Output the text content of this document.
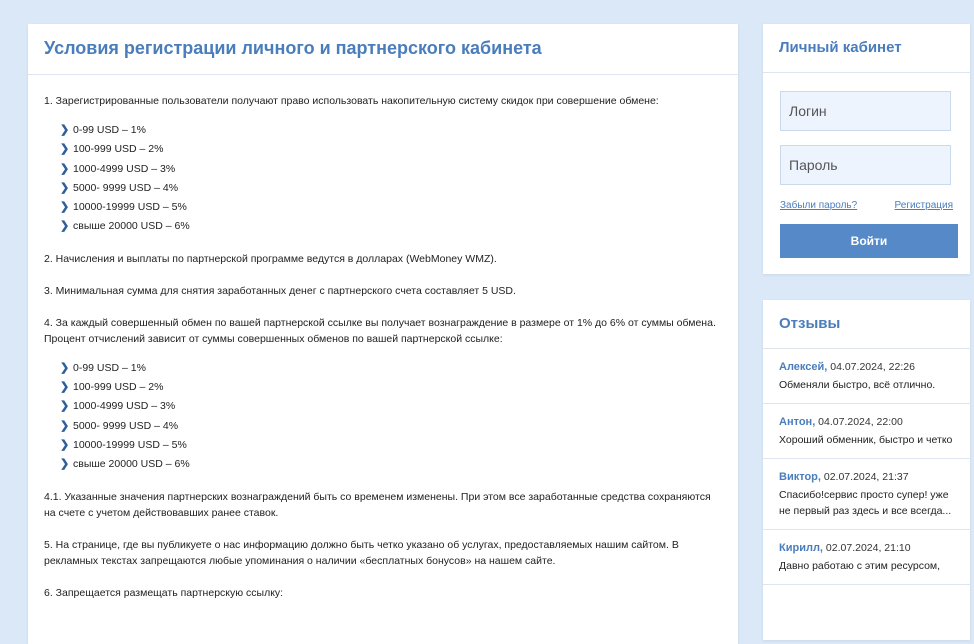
Условия регистрации личного и партнерского кабинета

1. Зарегистрированные пользователи получают право использовать накопительную систему скидок при совершение обмене:

❯ 0-99 USD – 1%
❯ 100-999 USD – 2%
❯ 1000-4999 USD – 3%
❯ 5000- 9999 USD – 4%
❯ 10000-19999 USD – 5%
❯ свыше 20000 USD – 6%

2. Начисления и выплаты по партнерской программе ведутся в долларах (WebMoney WMZ).

3. Минимальная сумма для снятия заработанных денег с партнерского счета составляет 5 USD.

4. За каждый совершенный обмен по вашей партнерской ссылке вы получает вознаграждение в размере от 1% до 6% от суммы обмена. Процент отчислений зависит от суммы совершенных обменов по вашей партнерской ссылке:

❯ 0-99 USD – 1%
❯ 100-999 USD – 2%
❯ 1000-4999 USD – 3%
❯ 5000- 9999 USD – 4%
❯ 10000-19999 USD – 5%
❯ свыше 20000 USD – 6%

4.1. Указанные значения партнерских вознаграждений быть со временем изменены. При этом все заработанные средства сохраняются на счете с учетом действовавших ранее ставок.

5. На странице, где вы публикуете о нас информацию должно быть четко указано об услугах, предоставляемых нашим сайтом. В рекламных текстах запрещаются любые упоминания о наличии «бесплатных бонусов» на нашем сайте.

6. Запрещается размещать партнерскую ссылку:

Личный кабинет
Логин
Забыли пароль?	Регистрация
Войти
Отзывы
Алексей, 04.07.2024, 22:26
Обменяли быстро, всё отлично.
Антон, 04.07.2024, 22:00
Хороший обменник, быстро и четко
Виктор, 02.07.2024, 21:37
Спасибо!сервис просто супер! уже не первый раз здесь и все всегда...
Кирилл, 02.07.2024, 21:10
Давно работаю с этим ресурсом,
